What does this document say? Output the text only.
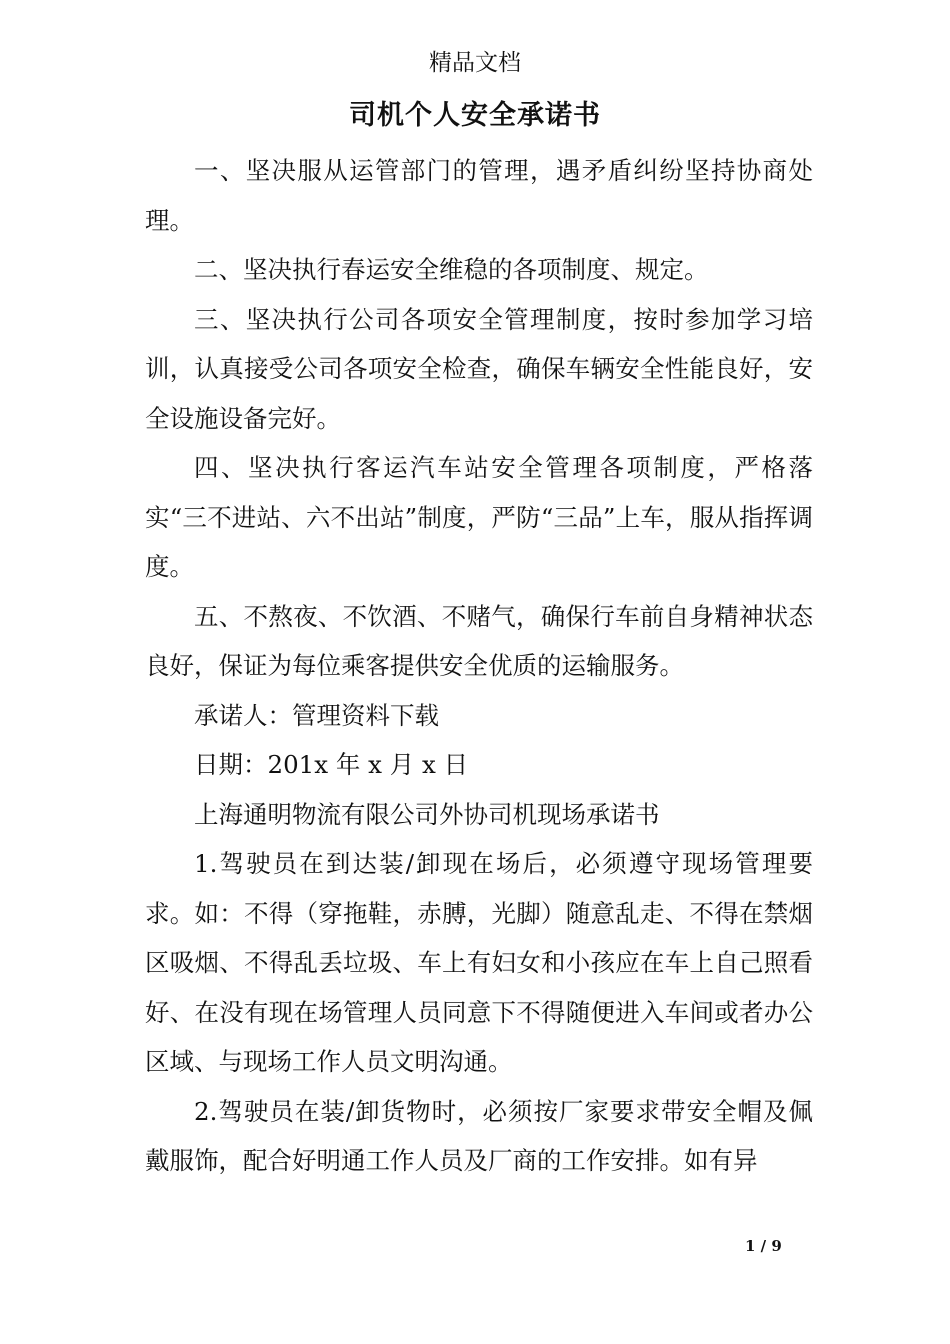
精品文档
司机个人安全承诺书

一、坚决服从运管部门的管理，遇矛盾纠纷坚持协商处理。

二、坚决执行春运安全维稳的各项制度、规定。

三、坚决执行公司各项安全管理制度，按时参加学习培训，认真接受公司各项安全检查，确保车辆安全性能良好，安全设施设备完好。

四、坚决执行客运汽车站安全管理各项制度，严格落实“三不进站、六不出站”制度，严防“三品”上车，服从指挥调度。

五、不熬夜、不饮酒、不赌气，确保行车前自身精神状态良好，保证为每位乘客提供安全优质的运输服务。

承诺人：管理资料下载

日期：201x 年 x 月 x 日

上海通明物流有限公司外协司机现场承诺书

1.驾驶员在到达装/卸现在场后，必须遵守现场管理要求。如：不得（穿拖鞋，赤膊，光脚）随意乱走、不得在禁烟区吸烟、不得乱丢垃圾、车上有妇女和小孩应在车上自己照看好、在没有现在场管理人员同意下不得随便进入车间或者办公区域、与现场工作人员文明沟通。

2.驾驶员在装/卸货物时，必须按厂家要求带安全帽及佩戴服饰，配合好明通工作人员及厂商的工作安排。如有异

1 / 9
